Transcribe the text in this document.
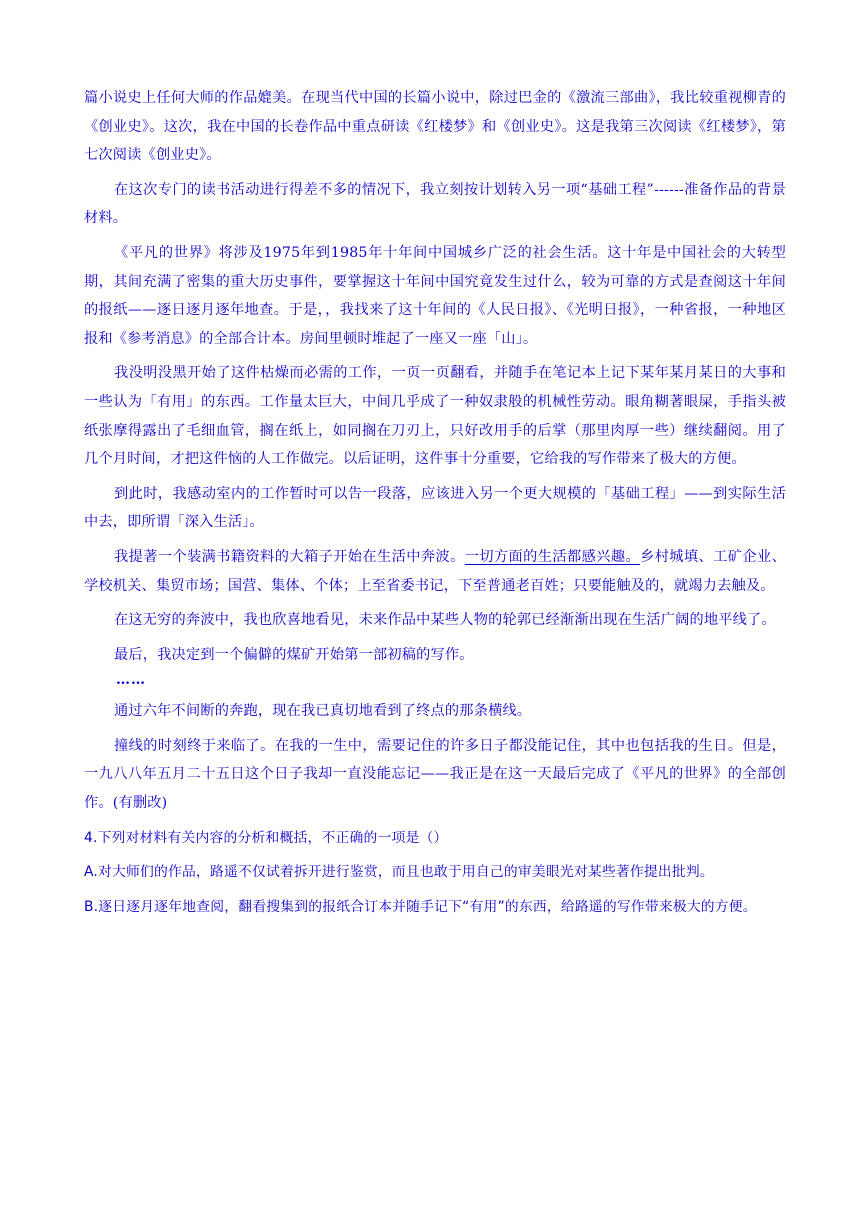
篇小说史上任何大师的作品媲美。在现当代中国的长篇小说中，除过巴金的《激流三部曲》，我比较重视柳青的《创业史》。这次，我在中国的长卷作品中重点研读《红楼梦》和《创业史》。这是我第三次阅读《红楼梦》，第七次阅读《创业史》。

在这次专门的读书活动进行得差不多的情况下，我立刻按计划转入另一项“基础工程”------准备作品的背景材料。

《平凡的世界》将涉及1975年到1985年十年间中国城乡广泛的社会生活。这十年是中国社会的大转型期，其间充满了密集的重大历史事件，要掌握这十年间中国究竟发生过什么，较为可靠的方式是查阅这十年间的报纸——逐日逐月逐年地查。于是，，我找来了这十年间的《人民日报》、《光明日报》，一种省报，一种地区报和《参考消息》的全部合计本。房间里顿时堆起了一座又一座「山」。

我没明没黑开始了这件枯燥而必需的工作，一页一页翻看，并随手在笔记本上记下某年某月某日的大事和一些认为「有用」的东西。工作量太巨大，中间几乎成了一种奴隶般的机械性劳动。眼角糊著眼屎，手指头被纸张摩得露出了毛细血管，搁在纸上，如同搁在刀刃上，只好改用手的后掌（那里肉厚一些）继续翻阅。用了几个月时间，才把这件恼的人工作做完。以后证明，这件事十分重要，它给我的写作带来了极大的方便。

到此时，我感动室内的工作暂时可以告一段落，应该进入另一个更大规模的「基础工程」——到实际生活中去，即所谓「深入生活」。

我提著一个装满书籍资料的大箱子开始在生活中奔波。一切方面的生活都感兴趣。乡村城填、工矿企业、学校机关、集贸市场；国营、集体、个体；上至省委书记，下至普通老百姓；只要能触及的，就竭力去触及。

在这无穷的奔波中，我也欣喜地看见，未来作品中某些人物的轮郭已经渐渐出现在生活广阔的地平线了。

最后，我决定到一个偏僻的煤矿开始第一部初稿的写作。

……

通过六年不间断的奔跑，现在我已真切地看到了终点的那条横线。

撞线的时刻终于来临了。在我的一生中，需要记住的许多日子都没能记住，其中也包括我的生日。但是，一九八八年五月二十五日这个日子我却一直没能忘记——我正是在这一天最后完成了《平凡的世界》的全部创作。(有删改)

4.下列对材料有关内容的分析和概括，不正确的一项是（）

A.对大师们的作品，路遥不仅试着拆开进行鉴赏，而且也敢于用自己的审美眼光对某些著作提出批判。

B.逐日逐月逐年地查阅，翻看搜集到的报纸合订本并随手记下“有用”的东西，给路遥的写作带来极大的方便。
